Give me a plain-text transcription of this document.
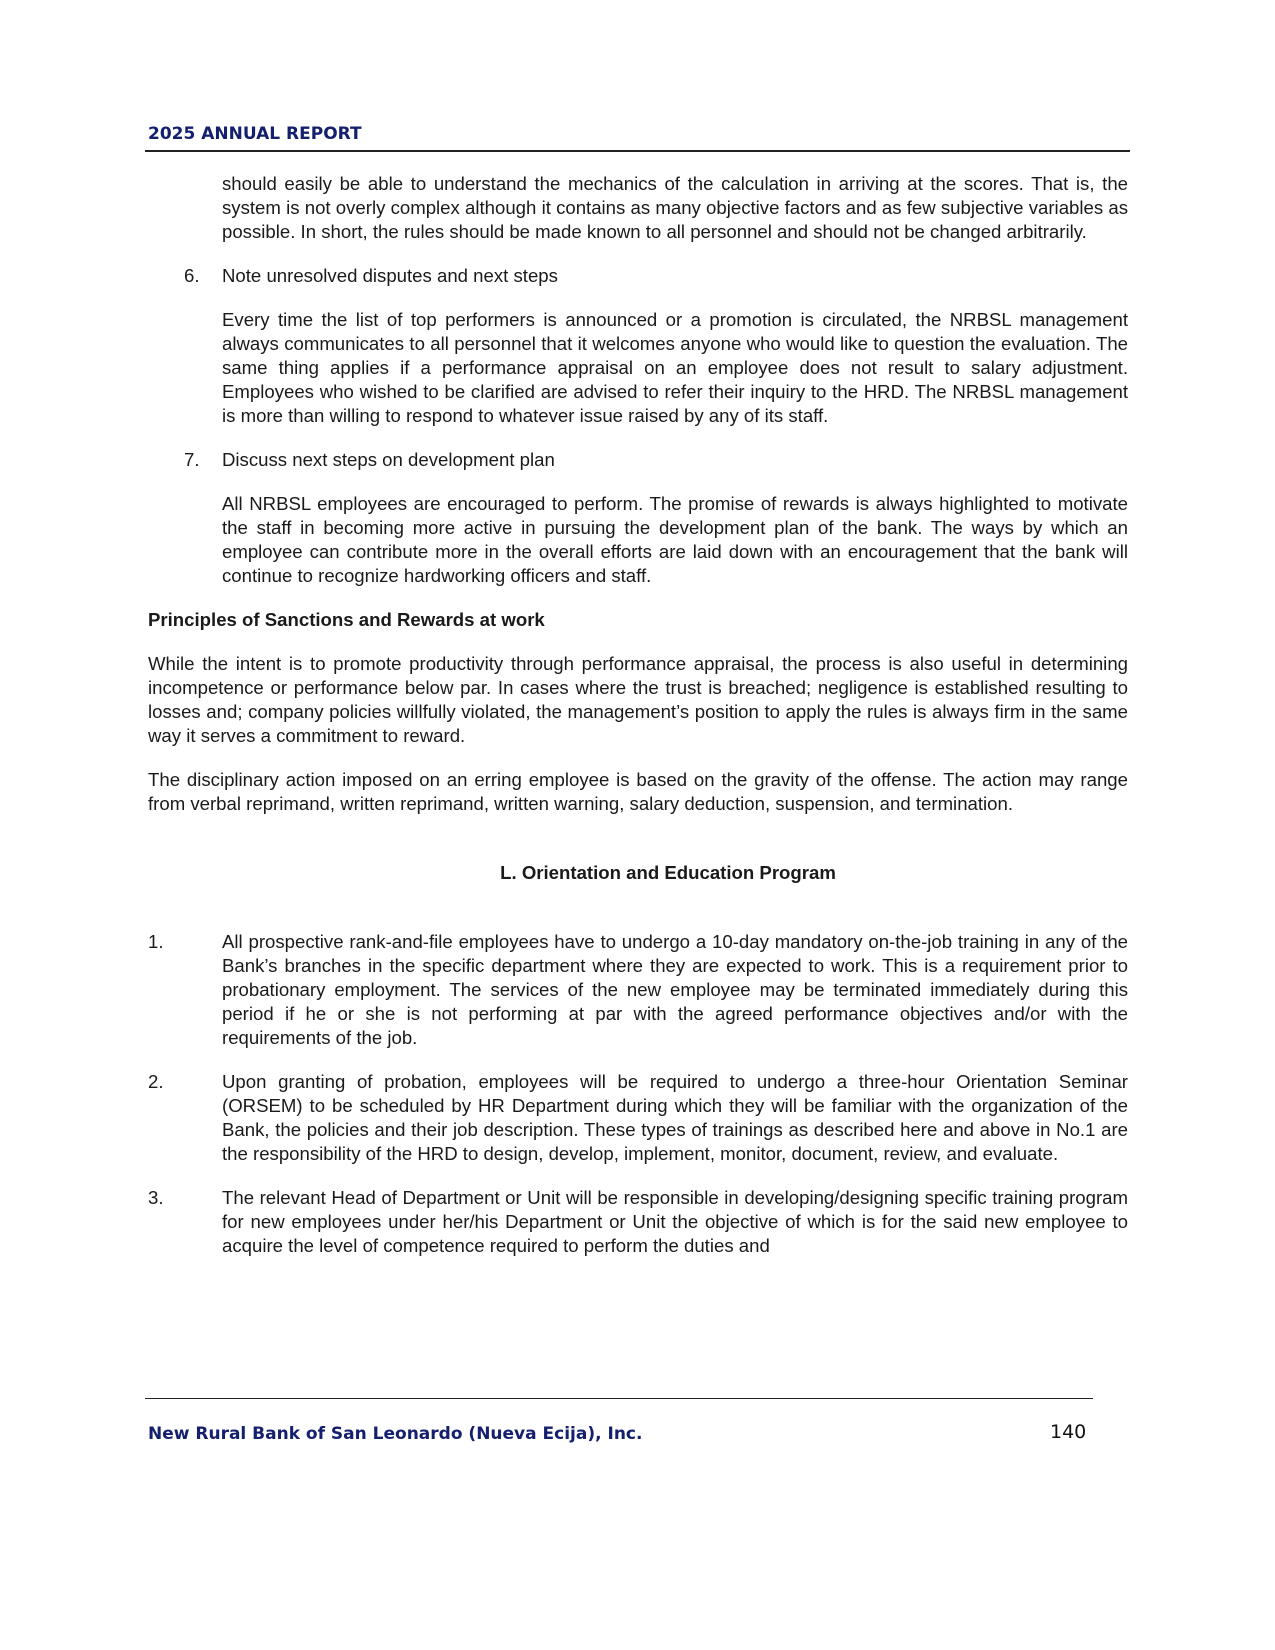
2025 ANNUAL REPORT

should easily be able to understand the mechanics of the calculation in arriving at the scores. That is, the system is not overly complex although it contains as many objective factors and as few subjective variables as possible. In short, the rules should be made known to all personnel and should not be changed arbitrarily.

6. Note unresolved disputes and next steps

Every time the list of top performers is announced or a promotion is circulated, the NRBSL management always communicates to all personnel that it welcomes anyone who would like to question the evaluation. The same thing applies if a performance appraisal on an employee does not result to salary adjustment. Employees who wished to be clarified are advised to refer their inquiry to the HRD. The NRBSL management is more than willing to respond to whatever issue raised by any of its staff.

7. Discuss next steps on development plan

All NRBSL employees are encouraged to perform. The promise of rewards is always highlighted to motivate the staff in becoming more active in pursuing the development plan of the bank. The ways by which an employee can contribute more in the overall efforts are laid down with an encouragement that the bank will continue to recognize hardworking officers and staff.

Principles of Sanctions and Rewards at work

While the intent is to promote productivity through performance appraisal, the process is also useful in determining incompetence or performance below par. In cases where the trust is breached; negligence is established resulting to losses and; company policies willfully violated, the management’s position to apply the rules is always firm in the same way it serves a commitment to reward.

The disciplinary action imposed on an erring employee is based on the gravity of the offense. The action may range from verbal reprimand, written reprimand, written warning, salary deduction, suspension, and termination.

L. Orientation and Education Program

1.	All prospective rank-and-file employees have to undergo a 10-day mandatory on-the-job training in any of the Bank’s branches in the specific department where they are expected to work. This is a requirement prior to probationary employment. The services of the new employee may be terminated immediately during this period if he or she is not performing at par with the agreed performance objectives and/or with the requirements of the job.

2.	Upon granting of probation, employees will be required to undergo a three-hour Orientation Seminar (ORSEM) to be scheduled by HR Department during which they will be familiar with the organization of the Bank, the policies and their job description. These types of trainings as described here and above in No.1 are the responsibility of the HRD to design, develop, implement, monitor, document, review, and evaluate.

3.	The relevant Head of Department or Unit will be responsible in developing/designing specific training program for new employees under her/his Department or Unit the objective of which is for the said new employee to acquire the level of competence required to perform the duties and

New Rural Bank of San Leonardo (Nueva Ecija), Inc.	140
